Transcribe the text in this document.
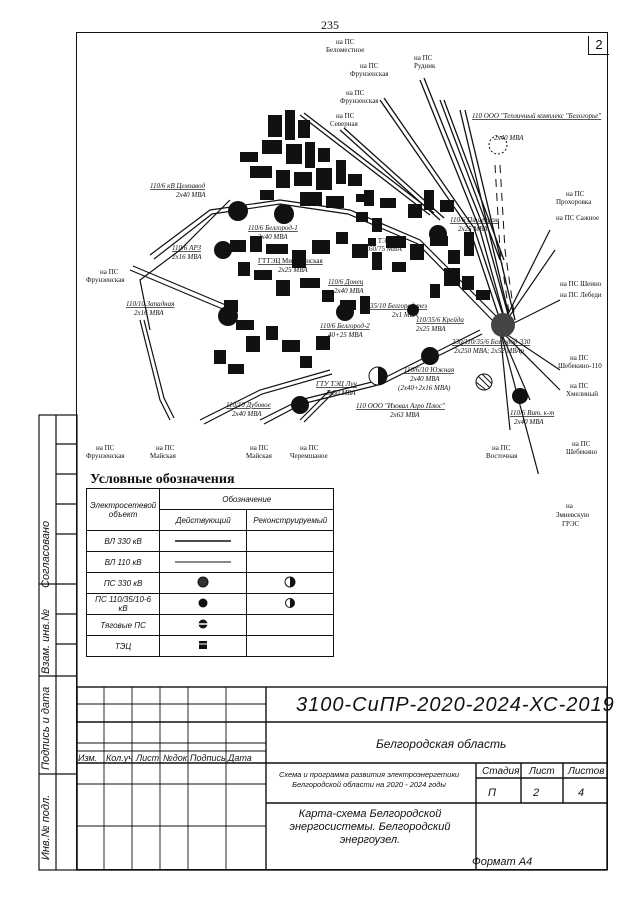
235
2
на ПС Беломестное
на ПС Фрунзенская
на ПС Рудник
на ПС Фрунзенская
на ПС Северная
110 ООО "Тепличный комплекс "Белогорье"
2х40 МВА
на ПС Прохоровка
на ПС Сажное
110/6 кВ Цемзавод
2х40 МВА
110/6 Белгород-1
3х40 МВА
110/6 Пищепром
2х25 МВА
110/6 АРЗ
2х16 МВА	ГТТЭЦ Мичуринская
2х25 МВА
Б ТЭЦ
2х60/75 МВА
на ПС Фрунзенская	110/6 Донец
2х40 МВА
110/10 Западная
2х16 МВА
35/10 Белгород тез
2х1 МВА
110/35/6 Крейда
2х25 МВА
на ПС Шеино
на ПС Лебеди
110/6 Белгород-2
40+25 МВА
330/110/35/6 Белгород-330
2х250 МВА; 2х52 МВАр
110/6/10 Южная
2х40 МВА
(2х40+2х16 МВА)
на ПС Шебекино-110
ГТУ ТЭЦ Луч
2х30 МВА
на ПС Хмелиный
110 ООО "Изовал Агро Плюс"
2х63 МВА
110/10 Дубовое
2х40 МВА	110/6 Вит. к-т
2х40 МВА
на ПС Фрунзенская
на ПС Майская
на ПС Майская
на ПС Черемшаное
на ПС Восточная
на ПС Шебекино
на
Змиевскую
ГРЭС
Условные обозначения
Электросетевой объект	Обозначение	
	Действующий	Реконструируемый
ВЛ 330 кВ		
ВЛ 110 кВ		
ПС 330 кВ		
ПС 110/35/10-6 кВ		
Тяговые ПС		
ТЭЦ		
Согласовано
Взам. инв.№
Подпись и дата
Инв.№ подл.
3100-СиПР-2020-2024-ХС-2019
Белгородская область
Изм. Кол.уч Лист №док. Подпись Дата
Схема и программа развития электроэнергетики Белгородской области на 2020 - 2024 годы
Стадия Лист Листов
П	2	4
Карта-схема Белгородской энергосистемы. Белгородский энергоузел.
Формат А4
